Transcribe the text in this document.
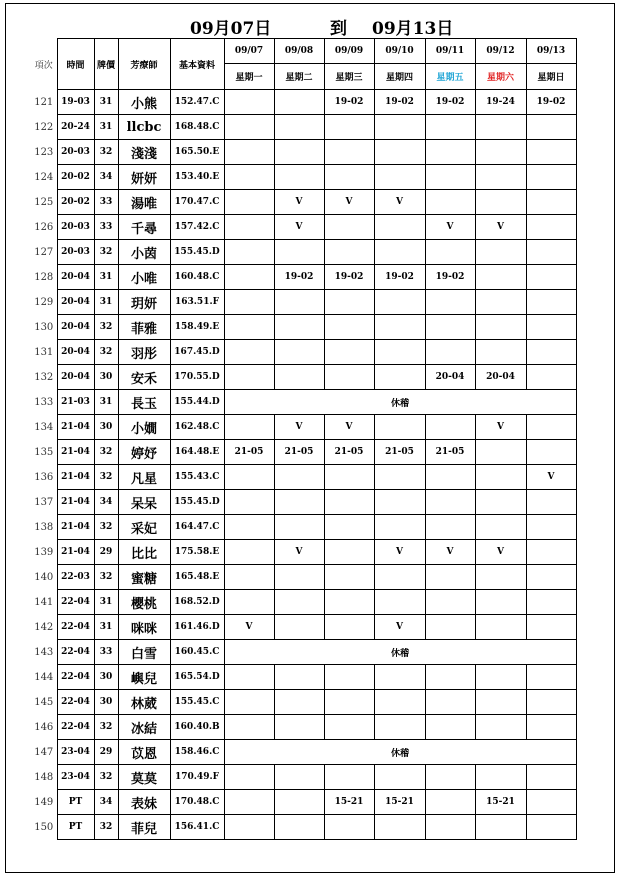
09月07日	到 09月13日
項次	時間	牌價	芳療師	基本資料	09/07	09/08	09/09	09/10	09/11	09/12	09/13
					星期一	星期二	星期三	星期四	星期五	星期六	星期日
121	19-03	31	小熊	152.47.C			19-02	19-02	19-02	19-24	19-02
122	20-24	31	llcbc	168.48.C							
123	20-03	32	淺淺	165.50.E							
124	20-02	34	妍妍	153.40.E							
125	20-02	33	湯唯	170.47.C		V	V	V			
126	20-03	33	千尋	157.42.C		V			V	V	
127	20-03	32	小茵	155.45.D							
128	20-04	31	小唯	160.48.C		19-02	19-02	19-02	19-02		
129	20-04	31	玥妍	163.51.F							
130	20-04	32	菲雅	158.49.E							
131	20-04	32	羽彤	167.45.D							
132	20-04	30	安禾	170.55.D					20-04	20-04	
133	21-03	31	長玉	155.44.D	休稽						
134	21-04	30	小嫺	162.48.C		V	V			V	
135	21-04	32	婷妤	164.48.E	21-05	21-05	21-05	21-05	21-05		
136	21-04	32	凡星	155.43.C							V
137	21-04	34	呆呆	155.45.D							
138	21-04	32	采妃	164.47.C							
139	21-04	29	比比	175.58.E		V		V	V	V	
140	22-03	32	蜜糖	165.48.E							
141	22-04	31	櫻桃	168.52.D							
142	22-04	31	咪咪	161.46.D	V			V			
143	22-04	33	白雪	160.45.C	休稽						
144	22-04	30	嶼兒	165.54.D							
145	22-04	30	林葳	155.45.C							
146	22-04	32	冰結	160.40.B							
147	23-04	29	苡恩	158.46.C	休稽						
148	23-04	32	莫莫	170.49.F							
149	PT	34	表妹	170.48.C			15-21	15-21		15-21	
150	PT	32	菲兒	156.41.C							
